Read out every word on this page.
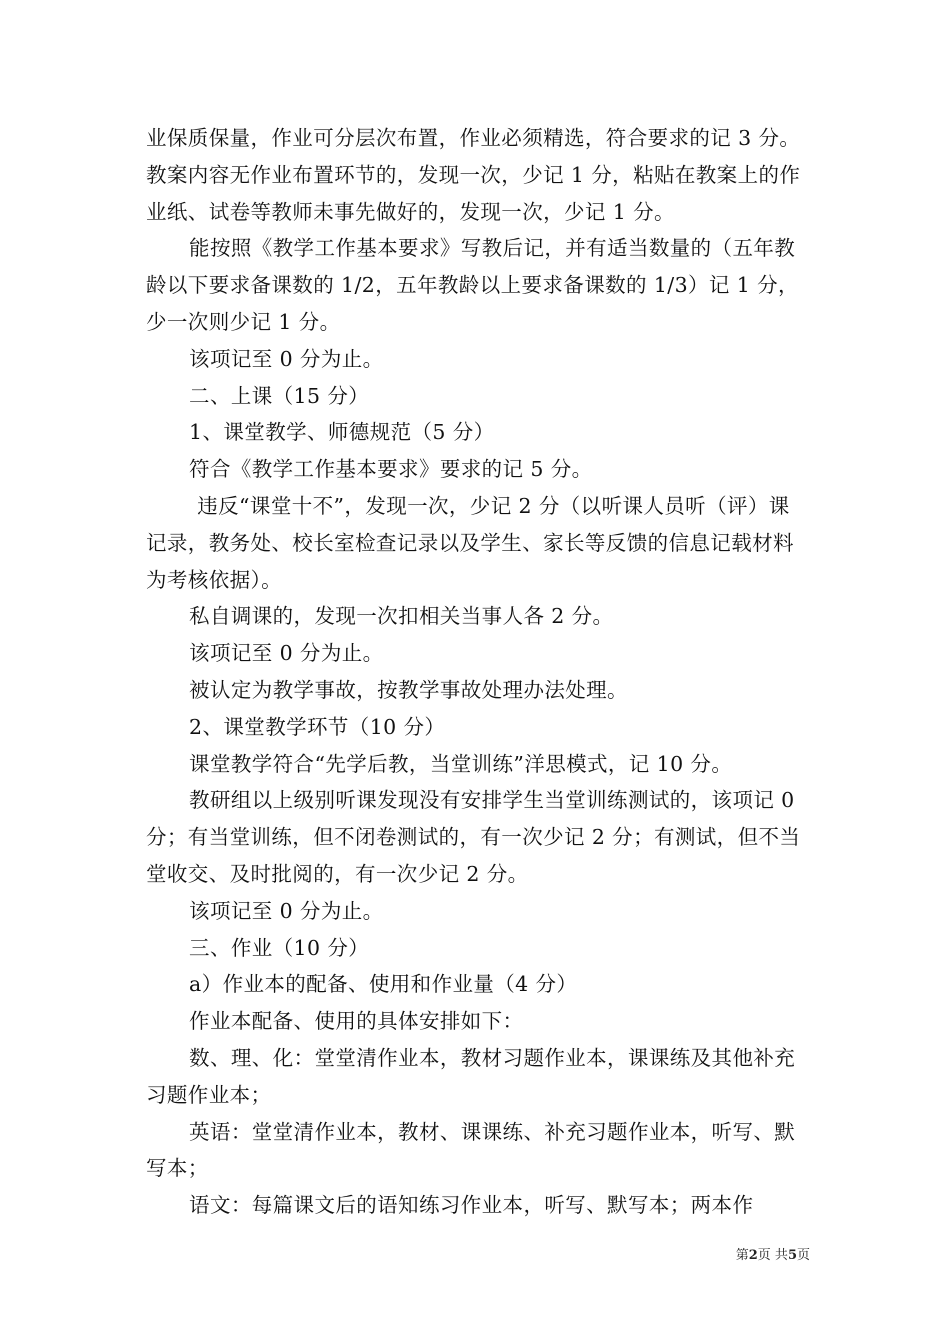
业保质保量，作业可分层次布置，作业必须精选，符合要求的记 3 分。教案内容无作业布置环节的，发现一次，少记 1 分，粘贴在教案上的作业纸、试卷等教师未事先做好的，发现一次，少记 1 分。

能按照《教学工作基本要求》写教后记，并有适当数量的（五年教龄以下要求备课数的 1/2，五年教龄以上要求备课数的 1/3）记 1 分，少一次则少记 1 分。

该项记至 0 分为止。

二、上课（15 分）

1、课堂教学、师德规范（5 分）

符合《教学工作基本要求》要求的记 5 分。

违反“课堂十不”，发现一次，少记 2 分（以听课人员听（评）课记录，教务处、校长室检查记录以及学生、家长等反馈的信息记载材料为考核依据）。

私自调课的，发现一次扣相关当事人各 2 分。

该项记至 0 分为止。

被认定为教学事故，按教学事故处理办法处理。

2、课堂教学环节（10 分）

课堂教学符合“先学后教，当堂训练”洋思模式，记 10 分。

教研组以上级别听课发现没有安排学生当堂训练测试的，该项记 0 分；有当堂训练，但不闭卷测试的，有一次少记 2 分；有测试，但不当堂收交、及时批阅的，有一次少记 2 分。

该项记至 0 分为止。

三、作业（10 分）

a）作业本的配备、使用和作业量（4 分）

作业本配备、使用的具体安排如下：

数、理、化：堂堂清作业本，教材习题作业本，课课练及其他补充习题作业本；

英语：堂堂清作业本，教材、课课练、补充习题作业本，听写、默写本；

语文：每篇课文后的语知练习作业本，听写、默写本；两本作

第2页 共5页
